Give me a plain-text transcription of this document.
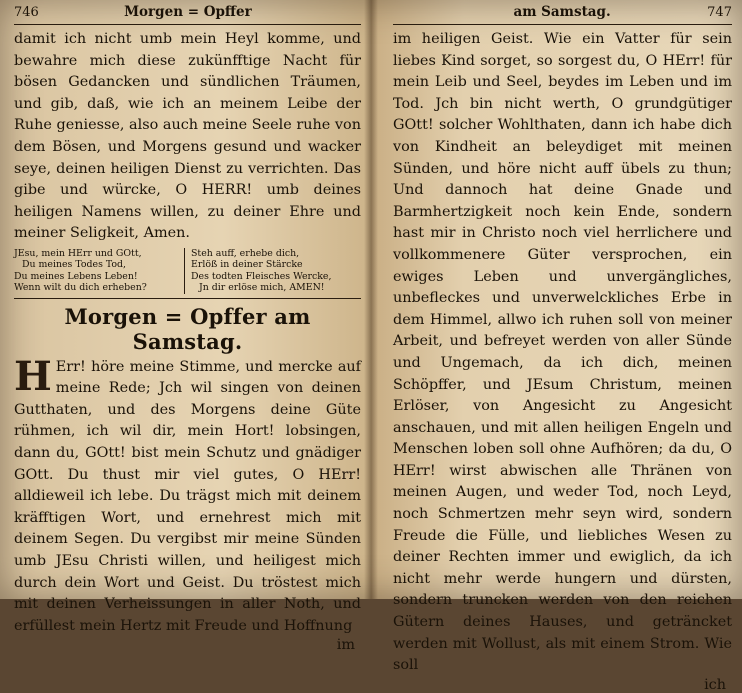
746	Morgen = Opffer

damit ich nicht umb mein Heyl komme, und bewahre mich diese zukünfftige Nacht für bösen Gedancken und sündlichen Träumen, und gib, daß, wie ich an meinem Leibe der Ruhe geniesse, also auch meine Seele ruhe von dem Bösen, und Morgens gesund und wacker seye, deinen heiligen Dienst zu verrichten. Das gibe und würcke, O HERR! umb deines heiligen Namens willen, zu deiner Ehre und meiner Seligkeit, Amen.

JEsu, mein HErr und GOtt,
Du meines Todes Tod,
Du meines Lebens Leben!
Wenn wilt du dich erheben?
Steh auff, erhebe dich,
Erlöß in deiner Stärcke
Des todten Fleisches Wercke,
Jn dir erlöse mich, AMEN!
Morgen = Opffer am Samstag.
H Err! höre meine Stimme, und mercke auf meine Rede; Jch wil singen von deinen Gutthaten, und des Morgens deine Güte rühmen, ich wil dir, mein Hort! lobsingen, dann du, GOtt! bist mein Schutz und gnädiger GOtt. Du thust mir viel gutes, O HErr! alldieweil ich lebe. Du trägst mich mit deinem kräfftigen Wort, und ernehrest mich mit deinem Segen. Du vergibst mir meine Sünden umb JEsu Christi willen, und heiligest mich durch dein Wort und Geist. Du tröstest mich mit deinen Verheissungen in aller Noth, und erfüllest mein Hertz mit Freude und Hoffnung
im
am Samstag.	747

im heiligen Geist. Wie ein Vatter für sein liebes Kind sorget, so sorgest du, O HErr! für mein Leib und Seel, beydes im Leben und im Tod. Jch bin nicht werth, O grundgütiger GOtt! solcher Wohlthaten, dann ich habe dich von Kindheit an beleydiget mit meinen Sünden, und höre nicht auff übels zu thun; Und dannoch hat deine Gnade und Barmhertzigkeit noch kein Ende, sondern hast mir in Christo noch viel herrlichere und vollkommenere Güter versprochen, ein ewiges Leben und unvergängliches, unbefleckes und unverwelckliches Erbe in dem Himmel, allwo ich ruhen soll von meiner Arbeit, und befreyet werden von aller Sünde und Ungemach, da ich dich, meinen Schöpffer, und JEsum Christum, meinen Erlöser, von Angesicht zu Angesicht anschauen, und mit allen heiligen Engeln und Menschen loben soll ohne Aufhören; da du, O HErr! wirst abwischen alle Thränen von meinen Augen, und weder Tod, noch Leyd, noch Schmertzen mehr seyn wird, sondern Freude die Fülle, und liebliches Wesen zu deiner Rechten immer und ewiglich, da ich nicht mehr werde hungern und dürsten, sondern truncken werden von den reichen Gütern deines Hauses, und geträncket werden mit Wollust, als mit einem Strom. Wie soll

ich
